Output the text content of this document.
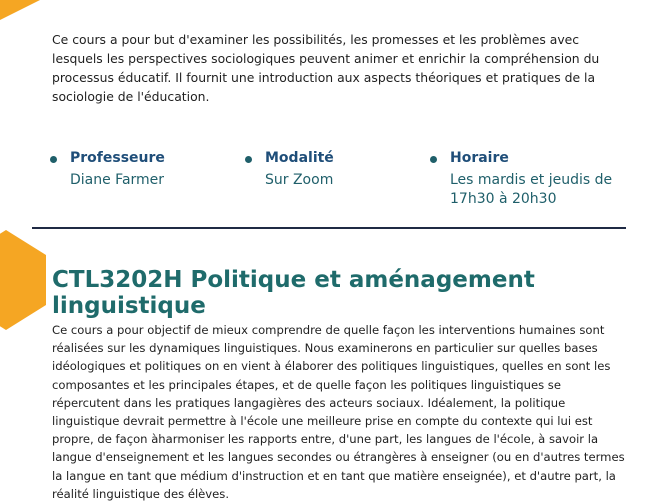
Ce cours a pour but d'examiner les possibilités, les promesses et les problèmes avec lesquels les perspectives sociologiques peuvent animer et enrichir la compréhension du processus éducatif. Il fournit une introduction aux aspects théoriques et pratiques de la sociologie de l'éducation.

Professeure
Diane Farmer
Modalité
Sur Zoom
Horaire
Les mardis et jeudis de
17h30 à 20h30
CTL3202H Politique et aménagement linguistique

Ce cours a pour objectif de mieux comprendre de quelle façon les interventions humaines sont réalisées sur les dynamiques linguistiques. Nous examinerons en particulier sur quelles bases idéologiques et politiques on en vient à élaborer des politiques linguistiques, quelles en sont les composantes et les principales étapes, et de quelle façon les politiques linguistiques se répercutent dans les pratiques langagières des acteurs sociaux. Idéalement, la politique linguistique devrait permettre à l'école une meilleure prise en compte du contexte qui lui est propre, de façon àharmoniser les rapports entre, d'une part, les langues de l'école, à savoir la langue d'enseignement et les langues secondes ou étrangères à enseigner (ou en d'autres termes la langue en tant que médium d'instruction et en tant que matière enseignée), et d'autre part, la réalité linguistique des élèves.
